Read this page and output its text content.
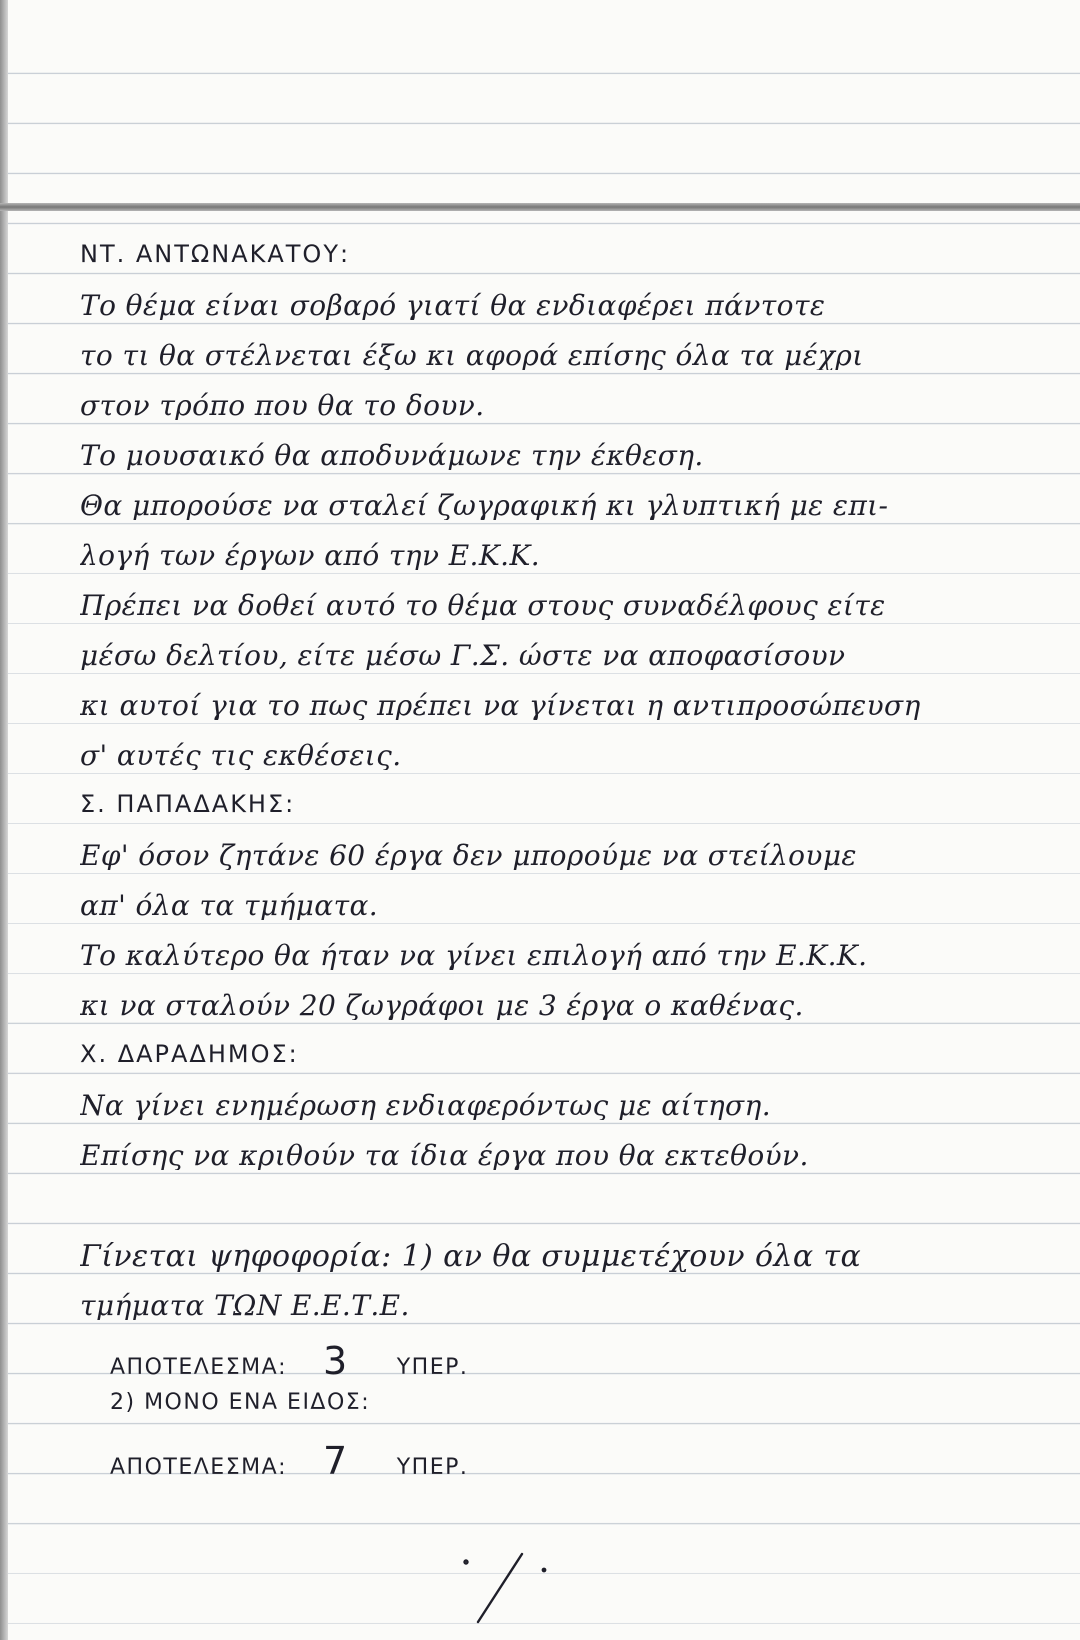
ΝΤ. ΑΝΤΩΝΑΚΑΤΟΥ:
Το θέμα είναι σοβαρό γιατί θα ενδιαφέρει πάντοτε
το τι θα στέλνεται έξω κι αφορά επίσης όλα τα μέχρι
στον τρόπο που θα το δουν.
Το μουσαικό θα αποδυνάμωνε την έκθεση.
Θα μπορούσε να σταλεί ζωγραφική κι γλυπτική με επι-
λογή των έργων από την Ε.Κ.Κ.
Πρέπει να δοθεί αυτό το θέμα στους συναδέλφους είτε
μέσω δελτίου, είτε μέσω Γ.Σ. ώστε να αποφασίσουν
κι αυτοί για το πως πρέπει να γίνεται η αντιπροσώπευση
σ' αυτές τις εκθέσεις.
Σ. ΠΑΠΑΔΑΚΗΣ:
Εφ' όσον ζητάνε 60 έργα δεν μπορούμε να στείλουμε
απ' όλα τα τμήματα.
Το καλύτερο θα ήταν να γίνει επιλογή από την Ε.Κ.Κ.
κι να σταλούν 20 ζωγράφοι με 3 έργα ο καθένας.
Χ. ΔΑΡΑΔΗΜΟΣ:
Να γίνει ενημέρωση ενδιαφερόντως με αίτηση.
Επίσης να κριθούν τα ίδια έργα που θα εκτεθούν.
Γίνεται ψηφοφορία: 1) αν θα συμμετέχουν όλα τα
τμήματα ΤΩΝ Ε.Ε.Τ.Ε.
ΑΠΟΤΕΛΕΣΜΑ: 3 ΥΠΕΡ.
2) ΜΟΝΟ ΕΝΑ ΕΙΔΟΣ:
ΑΠΟΤΕΛΕΣΜΑ: 7 ΥΠΕΡ.
